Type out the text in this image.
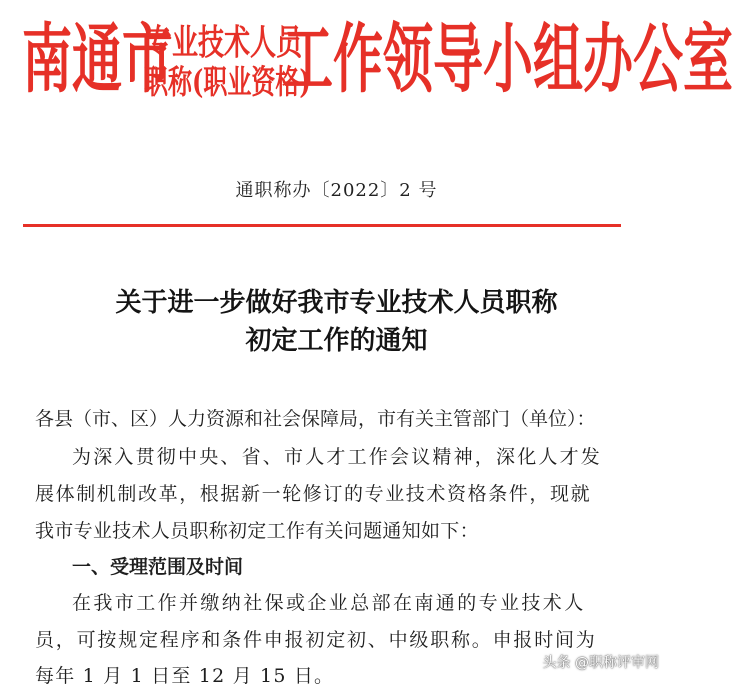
南通市
专业技术人员
职称(职业资格)
工作领导小组办公室
通职称办〔2022〕2 号
关于进一步做好我市专业技术人员职称
初定工作的通知
各县（市、区）人力资源和社会保障局，市有关主管部门（单位）：
为深入贯彻中央、省、市人才工作会议精神，深化人才发
展体制机制改革，根据新一轮修订的专业技术资格条件，现就
我市专业技术人员职称初定工作有关问题通知如下：
一、受理范围及时间
在我市工作并缴纳社保或企业总部在南通的专业技术人
员，可按规定程序和条件申报初定初、中级职称。申报时间为
每年 1 月 1 日至 12 月 15 日。
头条 @职称评审网
